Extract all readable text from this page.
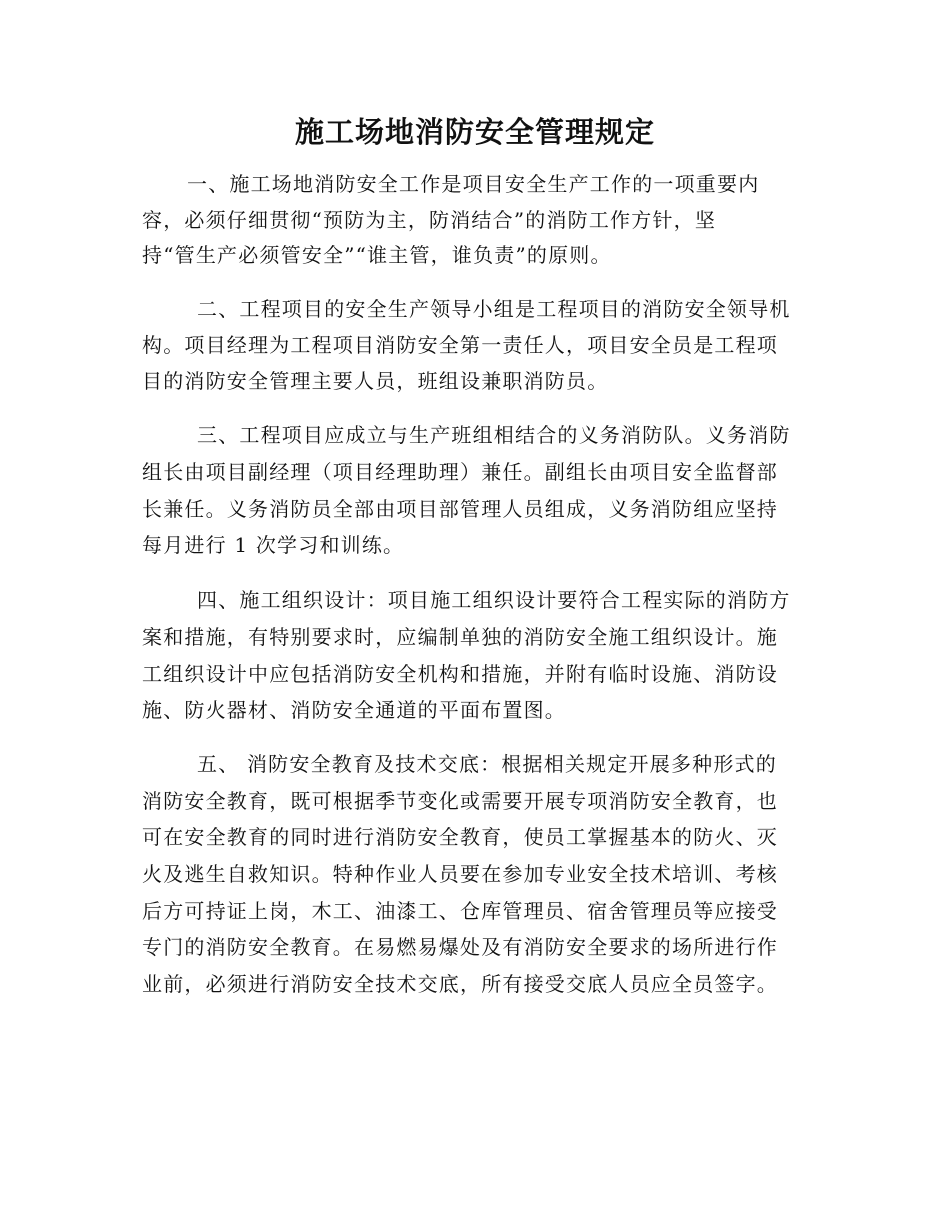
施工场地消防安全管理规定

一、施工场地消防安全工作是项目安全生产工作的一项重要内

容，必须仔细贯彻“预防为主，防消结合”的消防工作方针，坚

持“管生产必须管安全”“谁主管，谁负责”的原则。

二、工程项目的安全生产领导小组是工程项目的消防安全领导机

构。项目经理为工程项目消防安全第一责任人，项目安全员是工程项

目的消防安全管理主要人员，班组设兼职消防员。

三、工程项目应成立与生产班组相结合的义务消防队。义务消防

组长由项目副经理（项目经理助理）兼任。副组长由项目安全监督部

长兼任。义务消防员全部由项目部管理人员组成，义务消防组应坚持

每月进行 1 次学习和训练。

四、施工组织设计：项目施工组织设计要符合工程实际的消防方

案和措施，有特别要求时，应编制单独的消防安全施工组织设计。施

工组织设计中应包括消防安全机构和措施，并附有临时设施、消防设

施、防火器材、消防安全通道的平面布置图。

五、 消防安全教育及技术交底：根据相关规定开展多种形式的

消防安全教育，既可根据季节变化或需要开展专项消防安全教育，也

可在安全教育的同时进行消防安全教育，使员工掌握基本的防火、灭

火及逃生自救知识。特种作业人员要在参加专业安全技术培训、考核

后方可持证上岗，木工、油漆工、仓库管理员、宿舍管理员等应接受

专门的消防安全教育。在易燃易爆处及有消防安全要求的场所进行作

业前，必须进行消防安全技术交底，所有接受交底人员应全员签字。
